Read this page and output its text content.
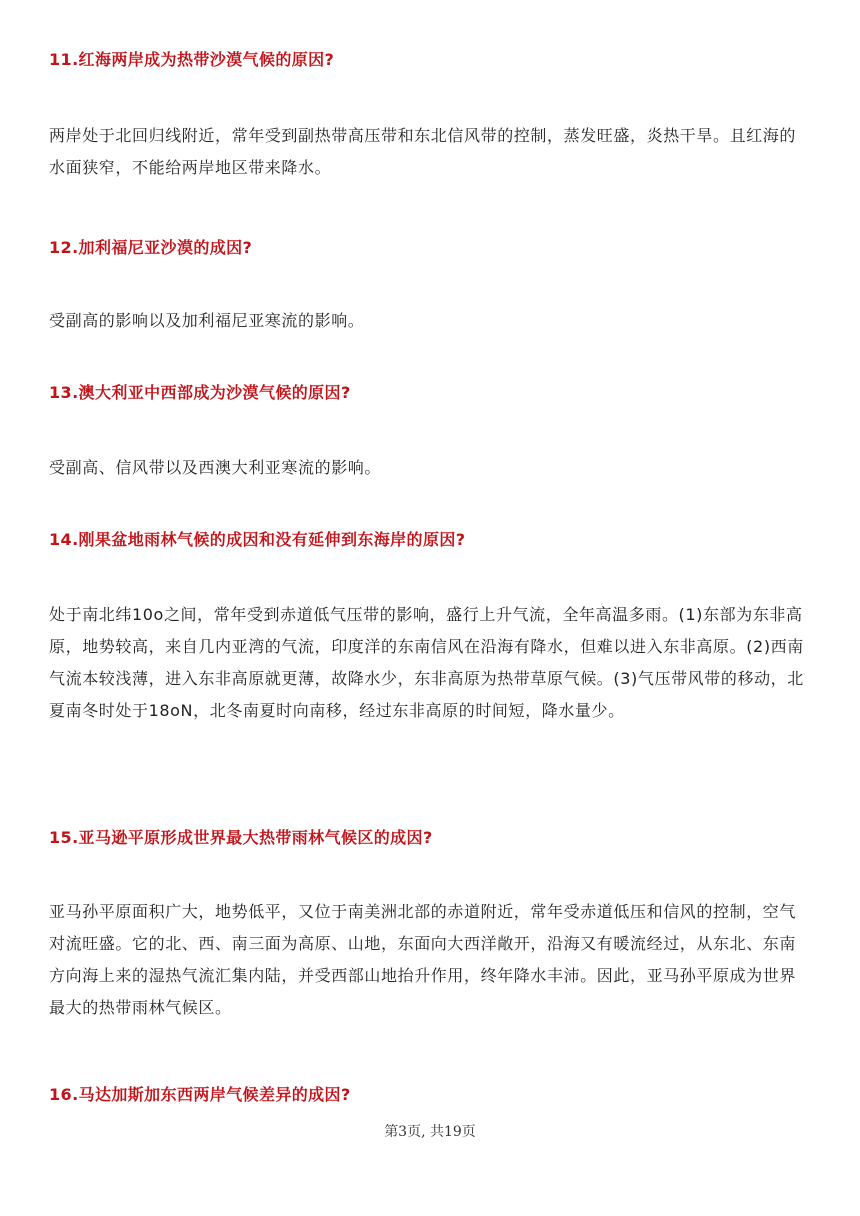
11.红海两岸成为热带沙漠气候的原因?

两岸处于北回归线附近，常年受到副热带高压带和东北信风带的控制，蒸发旺盛，炎热干旱。且红海的水面狭窄，不能给两岸地区带来降水。

12.加利福尼亚沙漠的成因?

受副高的影响以及加利福尼亚寒流的影响。

13.澳大利亚中西部成为沙漠气候的原因?

受副高、信风带以及西澳大利亚寒流的影响。

14.刚果盆地雨林气候的成因和没有延伸到东海岸的原因?

处于南北纬10o之间，常年受到赤道低气压带的影响，盛行上升气流，全年高温多雨。(1)东部为东非高原，地势较高，来自几内亚湾的气流，印度洋的东南信风在沿海有降水，但难以进入东非高原。(2)西南气流本较浅薄，进入东非高原就更薄，故降水少，东非高原为热带草原气候。(3)气压带风带的移动，北夏南冬时处于18oN，北冬南夏时向南移，经过东非高原的时间短，降水量少。

15.亚马逊平原形成世界最大热带雨林气候区的成因?

亚马孙平原面积广大，地势低平，又位于南美洲北部的赤道附近，常年受赤道低压和信风的控制，空气对流旺盛。它的北、西、南三面为高原、山地，东面向大西洋敞开，沿海又有暖流经过，从东北、东南方向海上来的湿热气流汇集内陆，并受西部山地抬升作用，终年降水丰沛。因此，亚马孙平原成为世界最大的热带雨林气候区。

16.马达加斯加东西两岸气候差异的成因?
第3页, 共19页
